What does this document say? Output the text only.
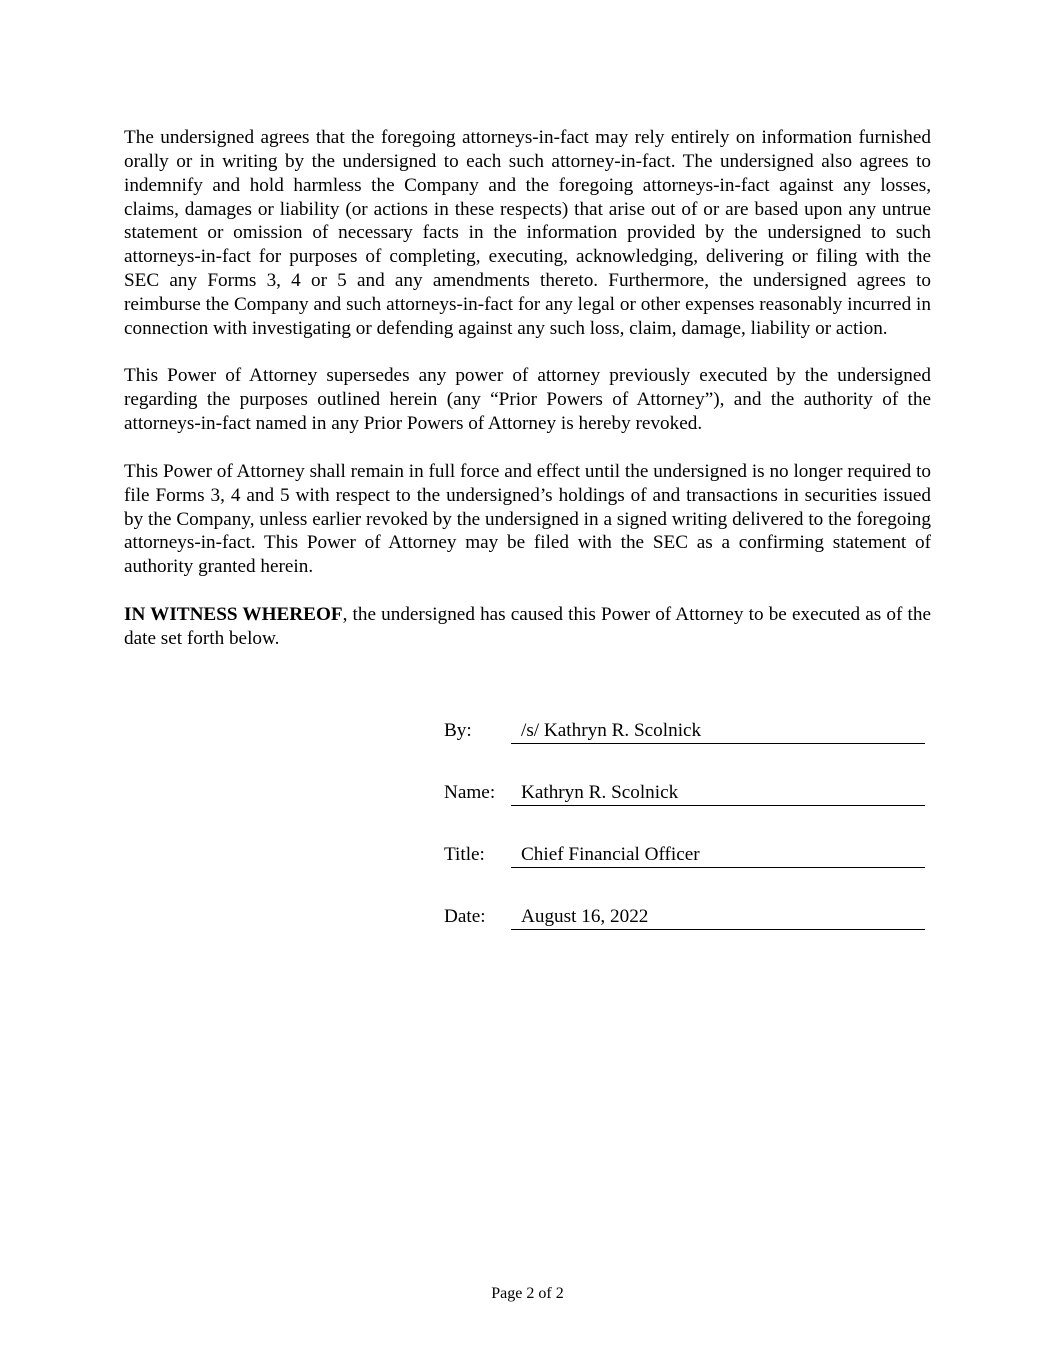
The undersigned agrees that the foregoing attorneys-in-fact may rely entirely on information furnished orally or in writing by the undersigned to each such attorney-in-fact. The undersigned also agrees to indemnify and hold harmless the Company and the foregoing attorneys-in-fact against any losses, claims, damages or liability (or actions in these respects) that arise out of or are based upon any untrue statement or omission of necessary facts in the information provided by the undersigned to such attorneys-in-fact for purposes of completing, executing, acknowledging, delivering or filing with the SEC any Forms 3, 4 or 5 and any amendments thereto. Furthermore, the undersigned agrees to reimburse the Company and such attorneys-in-fact for any legal or other expenses reasonably incurred in connection with investigating or defending against any such loss, claim, damage, liability or action.

This Power of Attorney supersedes any power of attorney previously executed by the undersigned regarding the purposes outlined herein (any “Prior Powers of Attorney”), and the authority of the attorneys-in-fact named in any Prior Powers of Attorney is hereby revoked.

This Power of Attorney shall remain in full force and effect until the undersigned is no longer required to file Forms 3, 4 and 5 with respect to the undersigned’s holdings of and transactions in securities issued by the Company, unless earlier revoked by the undersigned in a signed writing delivered to the foregoing attorneys-in-fact. This Power of Attorney may be filed with the SEC as a confirming statement of authority granted herein.

IN WITNESS WHEREOF, the undersigned has caused this Power of Attorney to be executed as of the date set forth below.

By:	/s/ Kathryn R. Scolnick
Name: Kathryn R. Scolnick
Title: Chief Financial Officer
Date: August 16, 2022
Page 2 of 2
